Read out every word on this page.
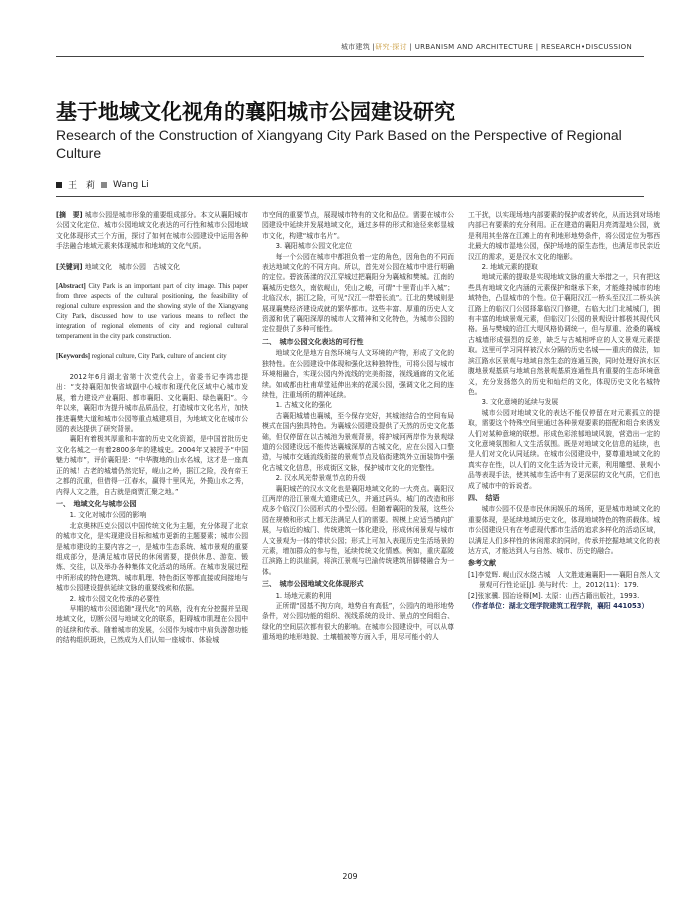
城市建筑 |研究·探讨 | URBANISM AND ARCHITECTURE | RESEARCH•DISCUSSION
基于地域文化视角的襄阳城市公园建设研究
Research of the Construction of Xiangyang City Park Based on the Perspective of Regional Culture
王　莉 Wang Li

[摘　要] 城市公园是城市形象的重要组成部分。本文从襄阳城市公园文化定位、城市公园地域文化表达的可行性和城市公园地域文化体现形式三个方面，探讨了如何在城市公园建设中运用各种手法融合地域元素来体现城市和地域的文化气质。

[关键词] 地域文化　城市公园　古城文化

[Abstract] City Park is an important part of city image. This paper from three aspects of the cultural positioning, the feasibility of regional culture expression and the showing style of the Xiangyang City Park, discussed how to use various means to reflect the integration of regional elements of city and regional cultural temperament in the city park construction.

[Keywords] regional culture, City Park, culture of ancient city

2012年6月湖北省第十次党代会上，省委书记李鸿忠提出：“支持襄阳加快省域副中心城市和现代化区域中心城市发展，着力建设产业襄阳、都市襄阳、文化襄阳、绿色襄阳”。今年以来，襄阳市为提升城市品质品位，打造城市文化名片，加快推进襄樊大道和城市公园等重点城建项目，为地域文化在城市公园的表达提供了研究背景。

襄阳有着极其厚重和丰富的历史文化资源，是中国首批历史文化名城之一有着2800多年的建城史。2004年又被授予“中国魅力城市”，评价襄阳是：“中华腹地的山水名城，这才是一座真正的城！古老的城墙仍然完好，岘山之岭，据江之险，没有帝王之都的沉重，但借得一江春水，赢得十里风光，外揽山水之秀，内得人文之胜，自古就是商贾汇聚之地。”

一、　地域文化与城市公园
1. 文化对城市公园的影响

北京奥林匹克公园以中国传统文化为主题，充分体现了北京的城市文化，是实现建设目标和城市更新的主题要素；城市公园是城市建设的主要内容之一，是城市生态系统、城市景观的重要组成部分，是满足城市居民的休闲需要，提供休息、游览、锻炼、交往，以及举办各种集体文化活动的场所。在城市发展过程中所形成的特色建筑、城市肌理、特色街区等都直接或间接地与城市公园建设提供延续文脉的重要线索和依据。

2. 城市公园文化传承的必要性

早期的城市公园追随“现代化”的风格，没有充分挖掘并呈现地域文化，切断公园与地域文化的联系，阳碍城市肌理在公园中的延续和传承。随着城市的发展，公园作为城市中肩负游憩功能的结构组织斑块，已然成为人们认知一座城市、体验城

市空间的重要节点，展现城市特有的文化和品位。需要在城市公园建设中延续并发展地域文化，通过多样的形式和途径来彰显城市文化，构建“城市名片”。

3. 襄阳城市公园文化定位

每一个公园在城市中都担负着一定的角色，因角色的不同而表达地域文化的不同方向。所以，首先对公园在城市中进行明确的定位。碧波荡漾的汉江穿城过把襄阳分为襄城和樊城。江南的襄城历史悠久，南依岘山，凭山之峻，可谓“十里青山半入城”；北临汉水，据江之险，可见“汉江一带碧长流”。江北的樊城则是展现襄樊经济建设成就的繁华都市。这些丰富、厚重的历史人文资源和优了襄阳深厚的城市人文精神和文化特色，为城市公园的定位提供了多种可能性。

二、　城市公园文化表达的可行性

地域文化是地方自然环境与人文环境的产物，形成了文化的独特性。在公园建设中体现和强化这种独特性，可将公园与城市环境相融合，实现公园内外流线的完美衔接，视线通廊的文化延续。如咸都由杜甫草堂延伸出来的花溪公园，强调文化之间的连续性，注重场所的精神延续。

1. 古城文化的强化

古襄阳城墙也襄城，至今保存完好，其城池结合的空间布局模式在国内独具特色。为襄城公园建设提供了天然的历史文化基础，但仅停留在以古城池为景观背景，将护城河两岸作为景观绿道的公园建设远不能传达襄城深厚的古城文化，应在公园入口整造，与城市交通流线衔接的景观节点及临街建筑外立面装饰中强化古城文化信息，形成街区文脉，保护城市文化的完整性。

2. 汉水风光带景观节点的升级

襄阳城芒的汉水文化也是襄阳地域文化的一大亮点。襄阳汉江两岸的沿江景观大道建成已久，并通过码头、城门的改造和形成多个临汉门公园形式的小型公园。但随着襄阳的发展，这些公园在规模和形式上都无法满足人们的需要。规模上应适当横向扩展，与临近的城门、传统建筑一体化建设，形成休闲景观与城市人文景观为一体的带状公园；形式上可加入表现历史生活场景的元素，增加群众的参与性，延续传统文化情感。例如，重庆嘉陵江滨路上的洪崖洞，将滨江景观与巴渝传统建筑吊脚楼融合为一体。

三、　城市公园地域文化体现形式
1. 场地元素的利用

正所谓“园基不拘方向，地势自有高低”，公园内的地形地势条件，对公园功能的组织、视线系统的设计、景点的空间组合、绿化的空间层次都有很大的影响。在城市公园建设中，可以从尊重场地的地形地貌、土壤植被等方面入手，用尽可能小的人

工干扰，以实现场地内部要素的保护或者转化，从而达到对场地内部已有要素的充分利用。正在建造的襄阳月亮湾湿地公园，就是利用其坐落在江滩上的有利地形地势条件，将公园定位为鄂西北最大的城市湿地公园，保护场地的原生态性，也满足市民亲近汉江的需求，更是汉水文化的缩影。

2. 地域元素的提取

地域元素的提取是实现地域文脉的重大举措之一，只有把这些具有地域文化内涵的元素保护和继承下来，才能维持城市的地域特色，凸显城市的个性。位于襄阳汉江一桥头至汉江二桥头滨江路上的临汉门公园择靠临汉门修建，右临大北门北城城门，拥有丰富的地域景观元素，但临汉门公园的景观设计都极其现代风格。虽与樊城的沿江大堤风格协调统一，但与厚重、沧桑的襄城古城墙形成强烈的反差，缺乏与古城相呼应的人文景观元素提取。这里可学习同样被汉水分隔的历史名城——重庆的做法，如滨江路水区景观与地域自然生态的连通互换，同时处理好滨水区腹地景观基质与地域自然景观基质连通性具有重要的生态环境意义，充分发扬悠久的历史和灿烂的文化，体现历史文化名城特色。

3. 文化意境的延续与发展

城市公园对地域文化的表达不能仅停留在对元素孤立的提取，需要这个特殊空间里通过各种景观要素的搭配和组合来诱发人们对某种意境的联想。形成色彩浓郁地域风貌，营造出一定的文化意境氛围和人文生活氛围。既是对地域文化信息的延续，也是人们对文化认同延续。在城市公园建设中，要尊重地域文化的真实存在性，以人们的文化生活为设计元素，利用雕塑、景观小品等表现手法，使其城市生活中有了更深层的文化气质，它们也成了城市中的诉说者。

四、　结语

城市公园不仅是市民休闲娱乐的场所，更是城市地域文化的重要体现，是延续地域历史文化，体现地域特色的物质载体。城市公园建设只有在考虑现代都市生活的追求多样化的活动区域，以满足人们多样性的休闲需求的同时，传承并挖掘地域文化的表达方式，才能达到人与自然、城市、历史的融合。

参考文献

[1]李觉辉. 岘山汉水绕古城　人文胜迹遍襄阳——襄阳自然人文景观可行性论证[J]. 美与时代：上，2012(11)：179.

[2]张家骥. 园冶诠释[M]. 太原：山西古籍出版社，1993.

（作者单位：湖北文理学院建筑工程学院，襄阳 441053）

209
